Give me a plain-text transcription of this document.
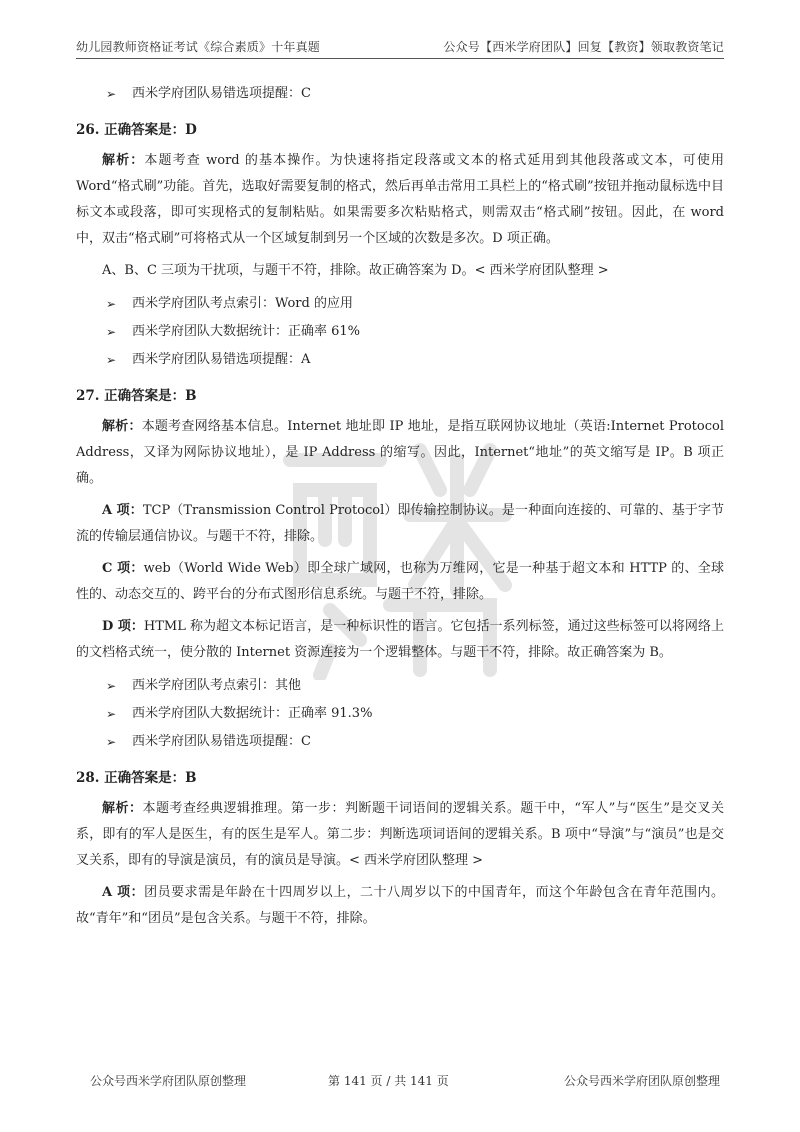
幼儿园教师资格证考试《综合素质》十年真题	公众号【西米学府团队】回复【教资】领取教资笔记
➢ 西米学府团队易错选项提醒：C
26. 正确答案是：D

解析：本题考查 word 的基本操作。为快速将指定段落或文本的格式延用到其他段落或文本，可使用 Word“格式刷”功能。首先，选取好需要复制的格式，然后再单击常用工具栏上的“格式刷”按钮并拖动鼠标选中目标文本或段落，即可实现格式的复制粘贴。如果需要多次粘贴格式，则需双击“格式刷”按钮。因此，在 word 中，双击“格式刷”可将格式从一个区域复制到另一个区域的次数是多次。D 项正确。

A、B、C 三项为干扰项，与题干不符，排除。故正确答案为 D。< 西米学府团队整理 >

➢ 西米学府团队考点索引：Word 的应用
➢ 西米学府团队大数据统计：正确率 61%
➢ 西米学府团队易错选项提醒：A
27. 正确答案是：B

解析：本题考查网络基本信息。Internet 地址即 IP 地址，是指互联网协议地址（英语:Internet Protocol Address，又译为网际协议地址），是 IP Address 的缩写。因此，Internet“地址”的英文缩写是 IP。B 项正确。

A 项：TCP（Transmission Control Protocol）即传输控制协议。是一种面向连接的、可靠的、基于字节流的传输层通信协议。与题干不符，排除。

C 项：web（World Wide Web）即全球广域网，也称为万维网，它是一种基于超文本和 HTTP 的、全球性的、动态交互的、跨平台的分布式图形信息系统。与题干不符，排除。

D 项：HTML 称为超文本标记语言，是一种标识性的语言。它包括一系列标签，通过这些标签可以将网络上的文档格式统一，使分散的 Internet 资源连接为一个逻辑整体。与题干不符，排除。故正确答案为 B。

➢ 西米学府团队考点索引：其他
➢ 西米学府团队大数据统计：正确率 91.3%
➢ 西米学府团队易错选项提醒：C
28. 正确答案是：B

解析：本题考查经典逻辑推理。第一步：判断题干词语间的逻辑关系。题干中，“军人”与“医生”是交叉关系，即有的军人是医生，有的医生是军人。第二步：判断选项词语间的逻辑关系。B 项中“导演”与“演员”也是交叉关系，即有的导演是演员，有的演员是导演。< 西米学府团队整理 >

A 项：团员要求需是年龄在十四周岁以上，二十八周岁以下的中国青年，而这个年龄包含在青年范围内。故“青年”和“团员”是包含关系。与题干不符，排除。

公众号西米学府团队原创整理	第 141 页 / 共 141 页	公众号西米学府团队原创整理
